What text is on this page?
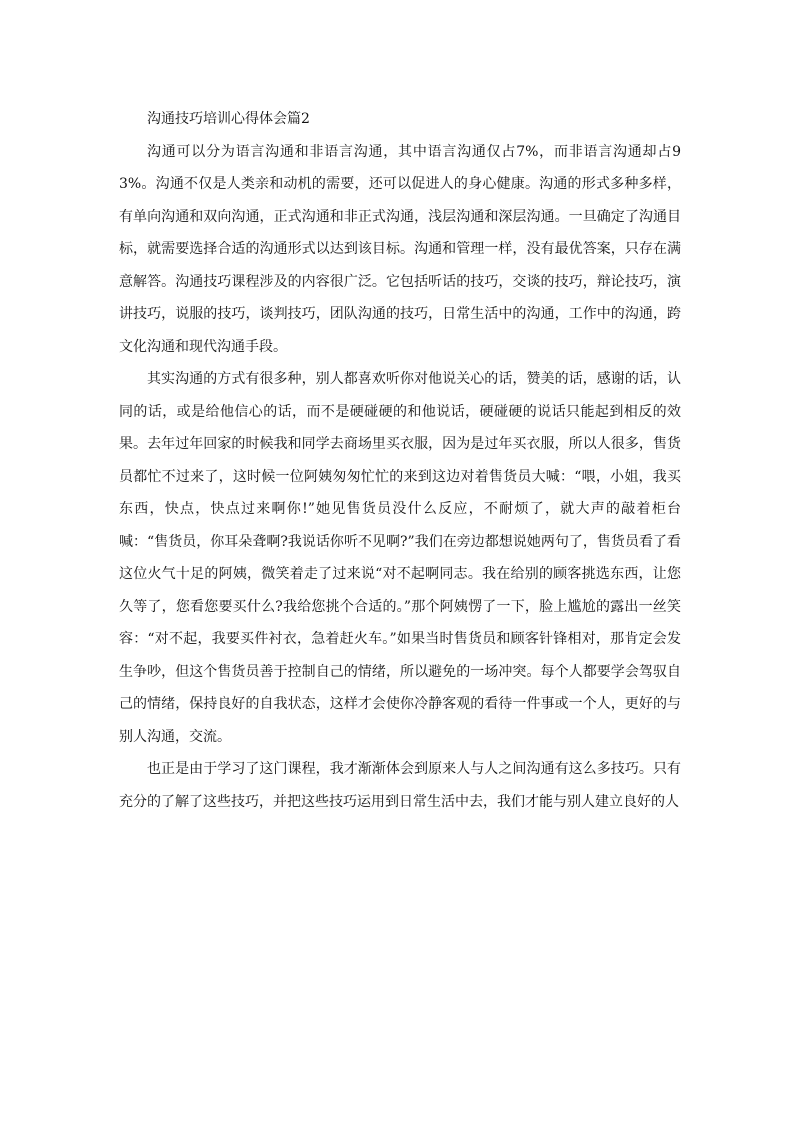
沟通技巧培训心得体会篇2

沟通可以分为语言沟通和非语言沟通，其中语言沟通仅占7%，而非语言沟通却占93%。沟通不仅是人类亲和动机的需要，还可以促进人的身心健康。沟通的形式多种多样，有单向沟通和双向沟通，正式沟通和非正式沟通，浅层沟通和深层沟通。一旦确定了沟通目标，就需要选择合适的沟通形式以达到该目标。沟通和管理一样，没有最优答案，只存在满意解答。沟通技巧课程涉及的内容很广泛。它包括听话的技巧，交谈的技巧，辩论技巧，演讲技巧，说服的技巧，谈判技巧，团队沟通的技巧，日常生活中的沟通，工作中的沟通，跨文化沟通和现代沟通手段。

其实沟通的方式有很多种，别人都喜欢听你对他说关心的话，赞美的话，感谢的话，认同的话，或是给他信心的话，而不是硬碰硬的和他说话，硬碰硬的说话只能起到相反的效果。去年过年回家的时候我和同学去商场里买衣服，因为是过年买衣服，所以人很多，售货员都忙不过来了，这时候一位阿姨匆匆忙忙的来到这边对着售货员大喊：“喂，小姐，我买东西，快点，快点过来啊你!”她见售货员没什么反应，不耐烦了，就大声的敲着柜台喊：“售货员，你耳朵聋啊?我说话你听不见啊?”我们在旁边都想说她两句了，售货员看了看这位火气十足的阿姨，微笑着走了过来说“对不起啊同志。我在给别的顾客挑选东西，让您久等了，您看您要买什么?我给您挑个合适的。”那个阿姨愣了一下，脸上尴尬的露出一丝笑容：“对不起，我要买件衬衣，急着赶火车。”如果当时售货员和顾客针锋相对，那肯定会发生争吵，但这个售货员善于控制自己的情绪，所以避免的一场冲突。每个人都要学会驾驭自己的情绪，保持良好的自我状态，这样才会使你冷静客观的看待一件事或一个人，更好的与别人沟通，交流。

也正是由于学习了这门课程，我才渐渐体会到原来人与人之间沟通有这么多技巧。只有充分的了解了这些技巧，并把这些技巧运用到日常生活中去，我们才能与别人建立良好的人
